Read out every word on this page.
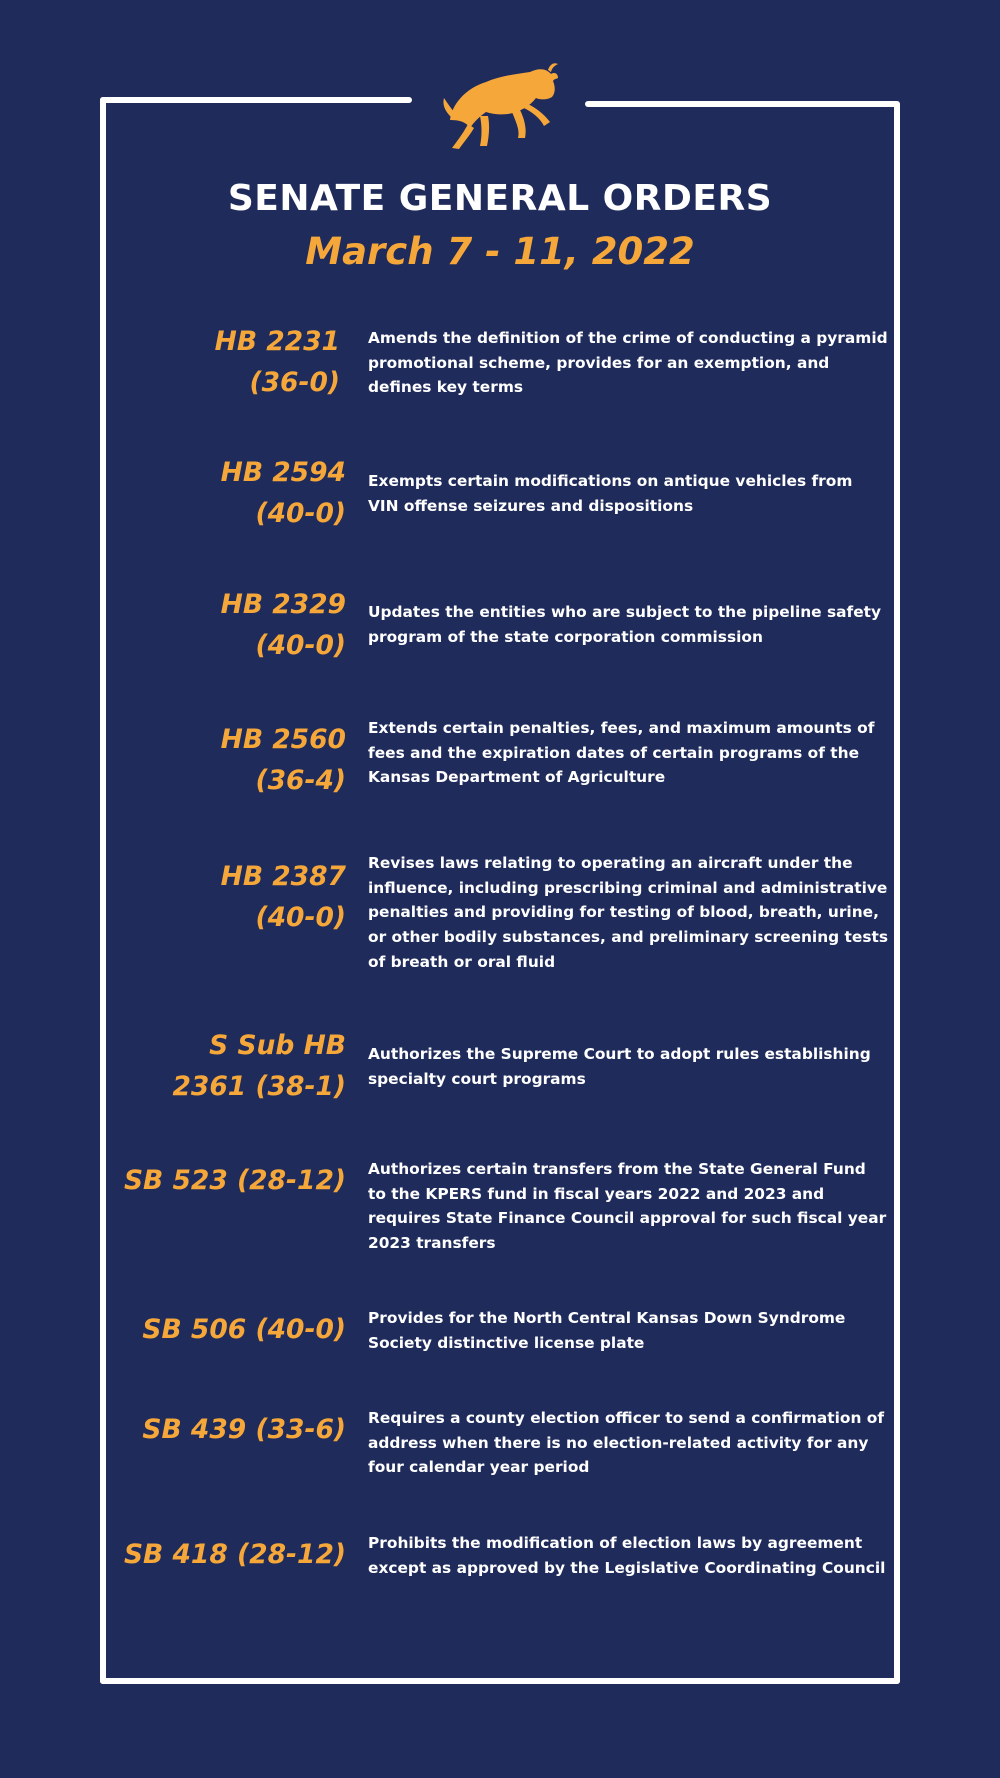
SENATE GENERAL ORDERS
March 7 - 11, 2022
HB 2231
(36-0)
Amends the definition of the crime of conducting a pyramid promotional scheme, provides for an exemption, and defines key terms
HB 2594
(40-0)
Exempts certain modifications on antique vehicles from VIN offense seizures and dispositions
HB 2329
(40-0)
Updates the entities who are subject to the pipeline safety program of the state corporation commission
HB 2560
(36-4)
Extends certain penalties, fees, and maximum amounts of fees and the expiration dates of certain programs of the Kansas Department of Agriculture
HB 2387
(40-0)
Revises laws relating to operating an aircraft under the influence, including prescribing criminal and administrative penalties and providing for testing of blood, breath, urine, or other bodily substances, and preliminary screening tests of breath or oral fluid
S Sub HB
2361 (38-1)
Authorizes the Supreme Court to adopt rules establishing specialty court programs
SB 523 (28-12) Authorizes certain transfers from the State General Fund to the KPERS fund in fiscal years 2022 and 2023 and requires State Finance Council approval for such fiscal year 2023 transfers
SB 506 (40-0) Provides for the North Central Kansas Down Syndrome Society distinctive license plate
SB 439 (33-6) Requires a county election officer to send a confirmation of address when there is no election-related activity for any four calendar year period
SB 418 (28-12) Prohibits the modification of election laws by agreement except as approved by the Legislative Coordinating Council
